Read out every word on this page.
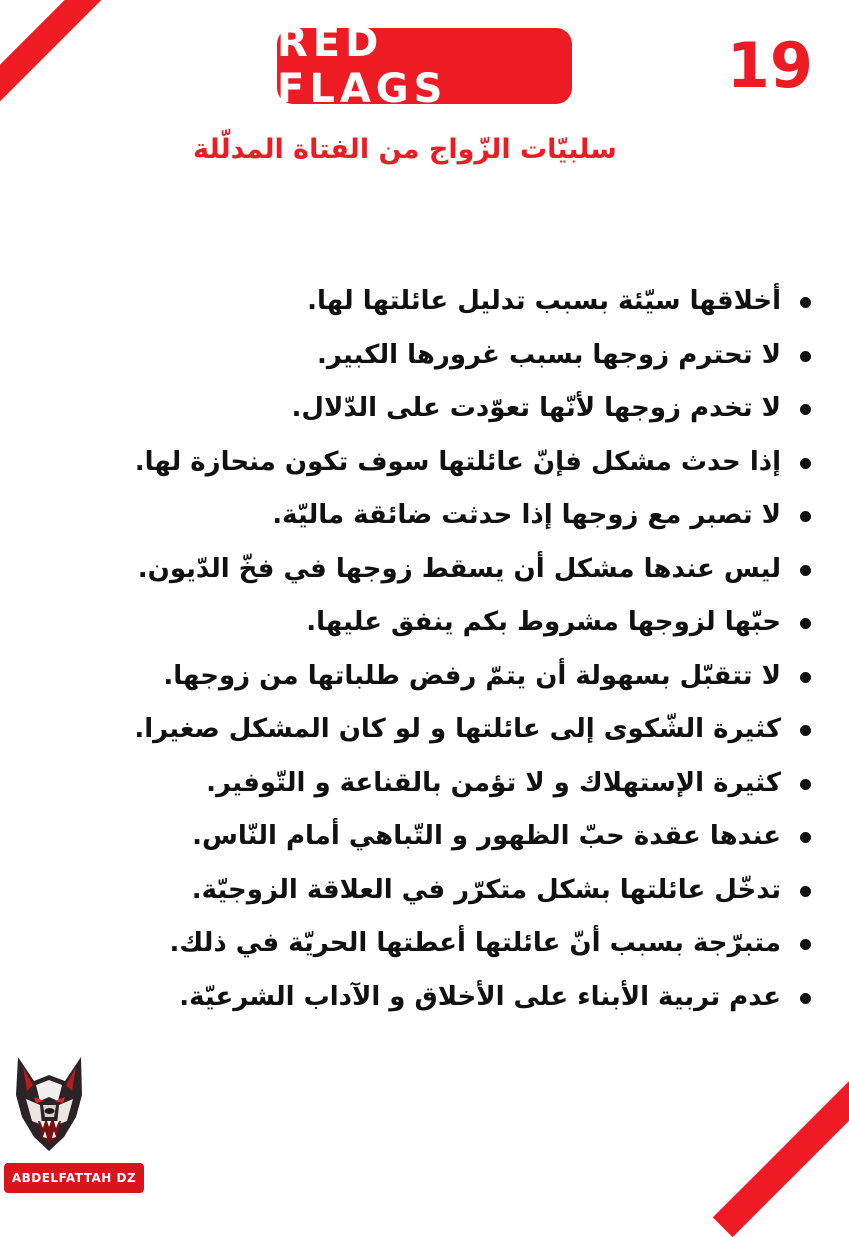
RED FLAGS	19
سلبيّات الزّواج من الفتاة المدلّلة
أخلاقها سيّئة بسبب تدليل عائلتها لها.
لا تحترم زوجها بسبب غرورها الكبير.
لا تخدم زوجها لأنّها تعوّدت على الدّلال.
إذا حدث مشكل فإنّ عائلتها سوف تكون منحازة لها.
لا تصبر مع زوجها إذا حدثت ضائقة ماليّة.
ليس عندها مشكل أن يسقط زوجها في فخّ الدّيون.
حبّها لزوجها مشروط بكم ينفق عليها.
لا تتقبّل بسهولة أن يتمّ رفض طلباتها من زوجها.
كثيرة الشّكوى إلى عائلتها و لو كان المشكل صغيرا.
كثيرة الإستهلاك و لا تؤمن بالقناعة و التّوفير.
عندها عقدة حبّ الظهور و التّباهي أمام النّاس.
تدخّل عائلتها بشكل متكرّر في العلاقة الزوجيّة.
متبرّجة بسبب أنّ عائلتها أعطتها الحريّة في ذلك.
عدم تربية الأبناء على الأخلاق و الآداب الشرعيّة.
ABDELFATTAH DZ
